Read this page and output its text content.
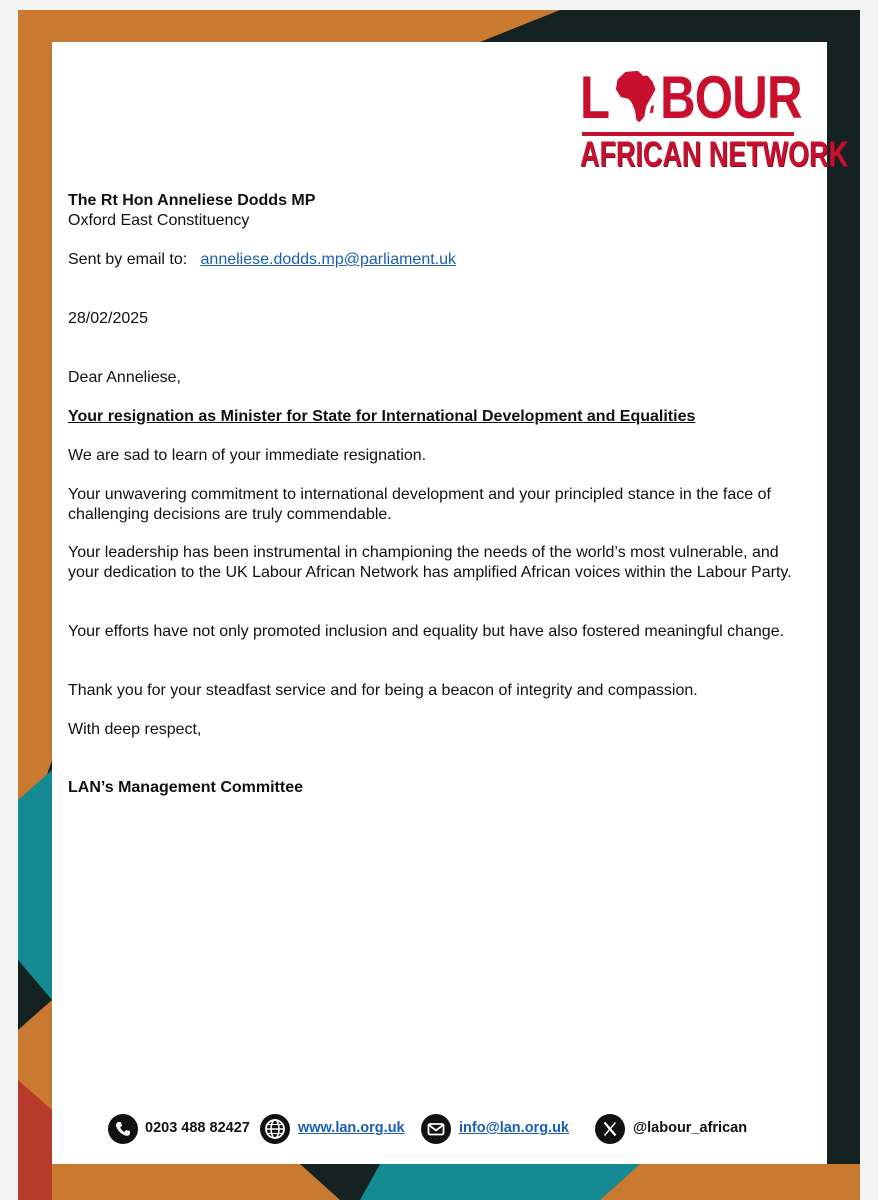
L BOUR
AFRICAN NETWORK
The Rt Hon Anneliese Dodds MP
Oxford East Constituency
Sent by email to: anneliese.dodds.mp@parliament.uk
28/02/2025
Dear Anneliese,
Your resignation as Minister for State for International Development and Equalities
We are sad to learn of your immediate resignation.
Your unwavering commitment to international development and your principled stance in the face of challenging decisions are truly commendable.
Your leadership has been instrumental in championing the needs of the world’s most vulnerable, and your dedication to the UK Labour African Network has amplified African voices within the Labour Party.
Your efforts have not only promoted inclusion and equality but have also fostered meaningful change.
Thank you for your steadfast service and for being a beacon of integrity and compassion.
With deep respect,
LAN’s Management Committee
0203 488 82427	www.lan.org.uk	info@lan.org.uk	@labour_african
